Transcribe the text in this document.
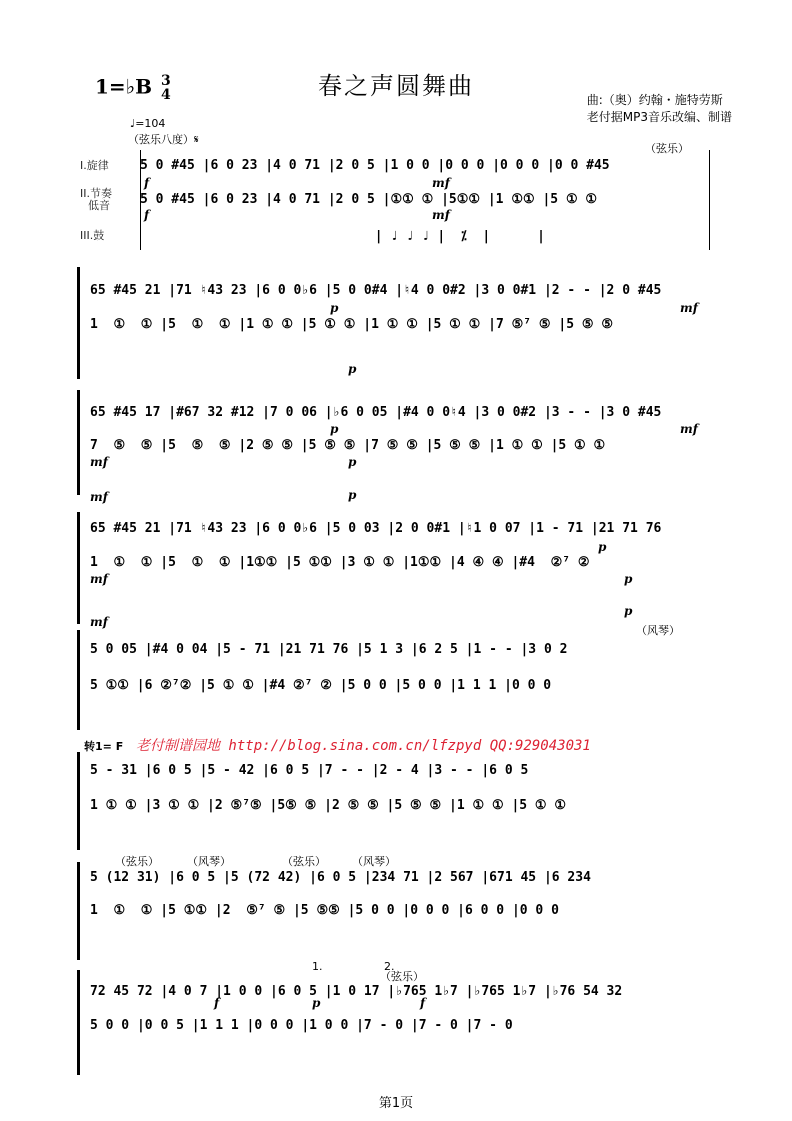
1=♭B 3
4	春之声圆舞曲	曲:（奥）约翰・施特劳斯
老付据MP3音乐改编、制谱
♩=104
（弦乐八度）𝄋
I.旋律
II.节奏
低音
III.鼓
5 0 #45 |6 0 23 |4 0 71 |2 0 5 |1 0 0 |0 0 0 |0 0 0 |0 0 #45
5 0 #45 |6 0 23 |4 0 71 |2 0 5 |①① ① |5①① |1 ①① |5 ① ①
| ♩ ♩ ♩ |  ⁒  |      |
f
f
mf
mf
（弦乐）
65 #45 21 |71 ♮43 23 |6 0 0♭6 |5 0 0#4 |♮4 0 0#2 |3 0 0#1 |2 - - |2 0 #45
1  ①  ① |5  ①  ① |1 ① ① |5 ① ① |1 ① ① |5 ① ① |7 ⑤⁷ ⑤ |5 ⑤ ⑤
p
p
mf
65 #45 17 |#67 32 #12 |7 0 06 |♭6 0 05 |#4 0 0♮4 |3 0 0#2 |3 - - |3 0 #45
7  ⑤  ⑤ |5  ⑤  ⑤ |2 ⑤ ⑤ |5 ⑤ ⑤ |7 ⑤ ⑤ |5 ⑤ ⑤ |1 ① ① |5 ① ①
mf
mf
p
p
p
mf
65 #45 21 |71 ♮43 23 |6 0 0♭6 |5 0 03 |2 0 0#1 |♮1 0 07 |1 - 71 |21 71 76
1  ①  ① |5  ①  ① |1①① |5 ①① |3 ① ① |1①① |4 ④ ④ |#4  ②⁷ ②
mf
mf
p
p
p
5 0 05 |#4 0 04 |5 - 71 |21 71 76 |5 1 3 |6 2 5 |1 - - |3 0 2
5 ①① |6 ②⁷② |5 ① ① |#4 ②⁷ ② |5 0 0 |5 0 0 |1 1 1 |0 0 0
（风琴）
转1= F 老付制谱园地 http://blog.sina.com.cn/lfzpyd QQ:929043031
5 - 31 |6 0 5 |5 - 42 |6 0 5 |7 - - |2 - 4 |3 - - |6 0 5
1 ① ① |3 ① ① |2 ⑤⁷⑤ |5⑤ ⑤ |2 ⑤ ⑤ |5 ⑤ ⑤ |1 ① ① |5 ① ①
（弦乐）	（风琴）	（弦乐） （风琴）
5 (12 31) |6 0 5 |5 (72 42) |6 0 5 |234 71 |2 567 |671 45 |6 234
1  ①  ① |5 ①① |2  ⑤⁷ ⑤ |5 ⑤⑤ |5 0 0 |0 0 0 |6 0 0 |0 0 0
1.	2.
（弦乐）
72 45 72 |4 0 7 |1 0 0 |6 0 5 |1 0 17 |♭765 1♭7 |♭765 1♭7 |♭76 54 32
5 0 0 |0 0 5 |1 1 1 |0 0 0 |1 0 0 |7 - 0 |7 - 0 |7 - 0
f	p	f
第1页
